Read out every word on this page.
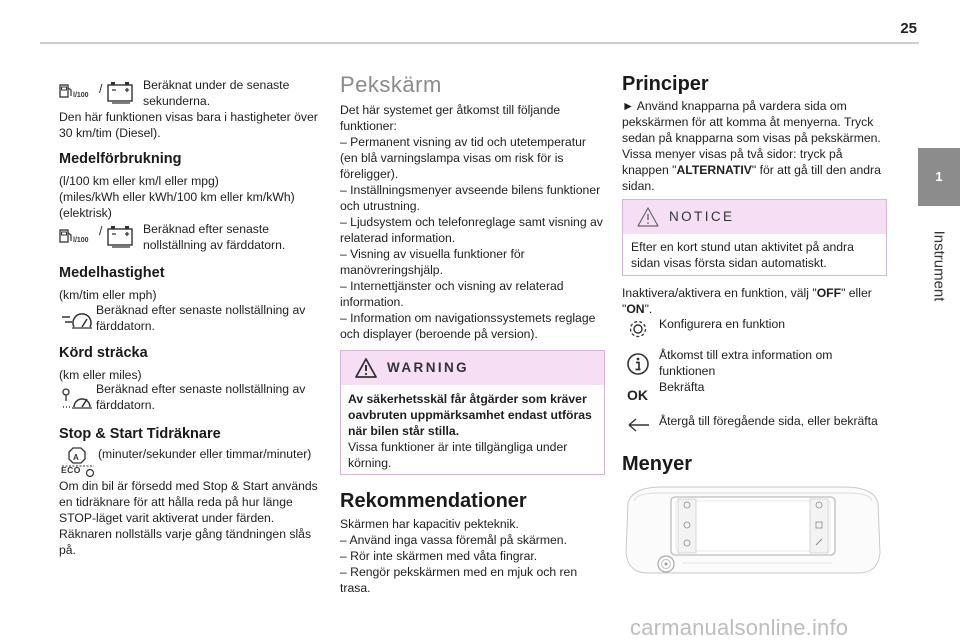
25
1
Instrument
l/100 /	Beräknat under de senaste sekunderna.
Den här funktionen visas bara i hastigheter över 30 km/tim (Diesel).
Medelförbrukning
(l/100 km eller km/l eller mpg)
(miles/kWh eller kWh/100 km eller km/kWh)
(elektrisk)
l/100
/	Beräknad efter senaste nollställning av färddatorn.
Medelhastighet
(km/tim eller mph)
Beräknad efter senaste nollställning av färddatorn.
Körd sträcka
(km eller miles)
Beräknad efter senaste nollställning av färddatorn.
Stop & Start Tidräknare
A
ECO
(minuter/sekunder eller timmar/minuter)
Om din bil är försedd med Stop & Start används en tidräknare för att hålla reda på hur länge STOP-läget varit aktiverat under färden. Räknaren nollställs varje gång tändningen slås på.
Pekskärm
Det här systemet ger åtkomst till följande funktioner:
– Permanent visning av tid och utetemperatur (en blå varningslampa visas om risk för is föreligger).
– Inställningsmenyer avseende bilens funktioner och utrustning.
– Ljudsystem och telefonreglage samt visning av relaterad information.
– Visning av visuella funktioner för manövreringshjälp.
– Internettjänster och visning av relaterad information.
– Information om navigationssystemets reglage och displayer (beroende på version).
WARNING
Av säkerhetsskäl får åtgärder som kräver oavbruten uppmärksamhet endast utföras när bilen står stilla.
Vissa funktioner är inte tillgängliga under körning.
Rekommendationer
Skärmen har kapacitiv pekteknik.
– Använd inga vassa föremål på skärmen.
– Rör inte skärmen med våta fingrar.
– Rengör pekskärmen med en mjuk och ren trasa.
Principer
► Använd knapparna på vardera sida om pekskärmen för att komma åt menyerna. Tryck sedan på knapparna som visas på pekskärmen. Vissa menyer visas på två sidor: tryck på knappen "ALTERNATIV" för att gå till den andra sidan.
NOTICE
Efter en kort stund utan aktivitet på andra sidan visas första sidan automatiskt.
Inaktivera/aktivera en funktion, välj "OFF" eller "ON".
Konfigurera en funktion
Åtkomst till extra information om funktionen
OK Bekräfta
Återgå till föregående sida, eller bekräfta
Menyer
carmanualsonline.info
